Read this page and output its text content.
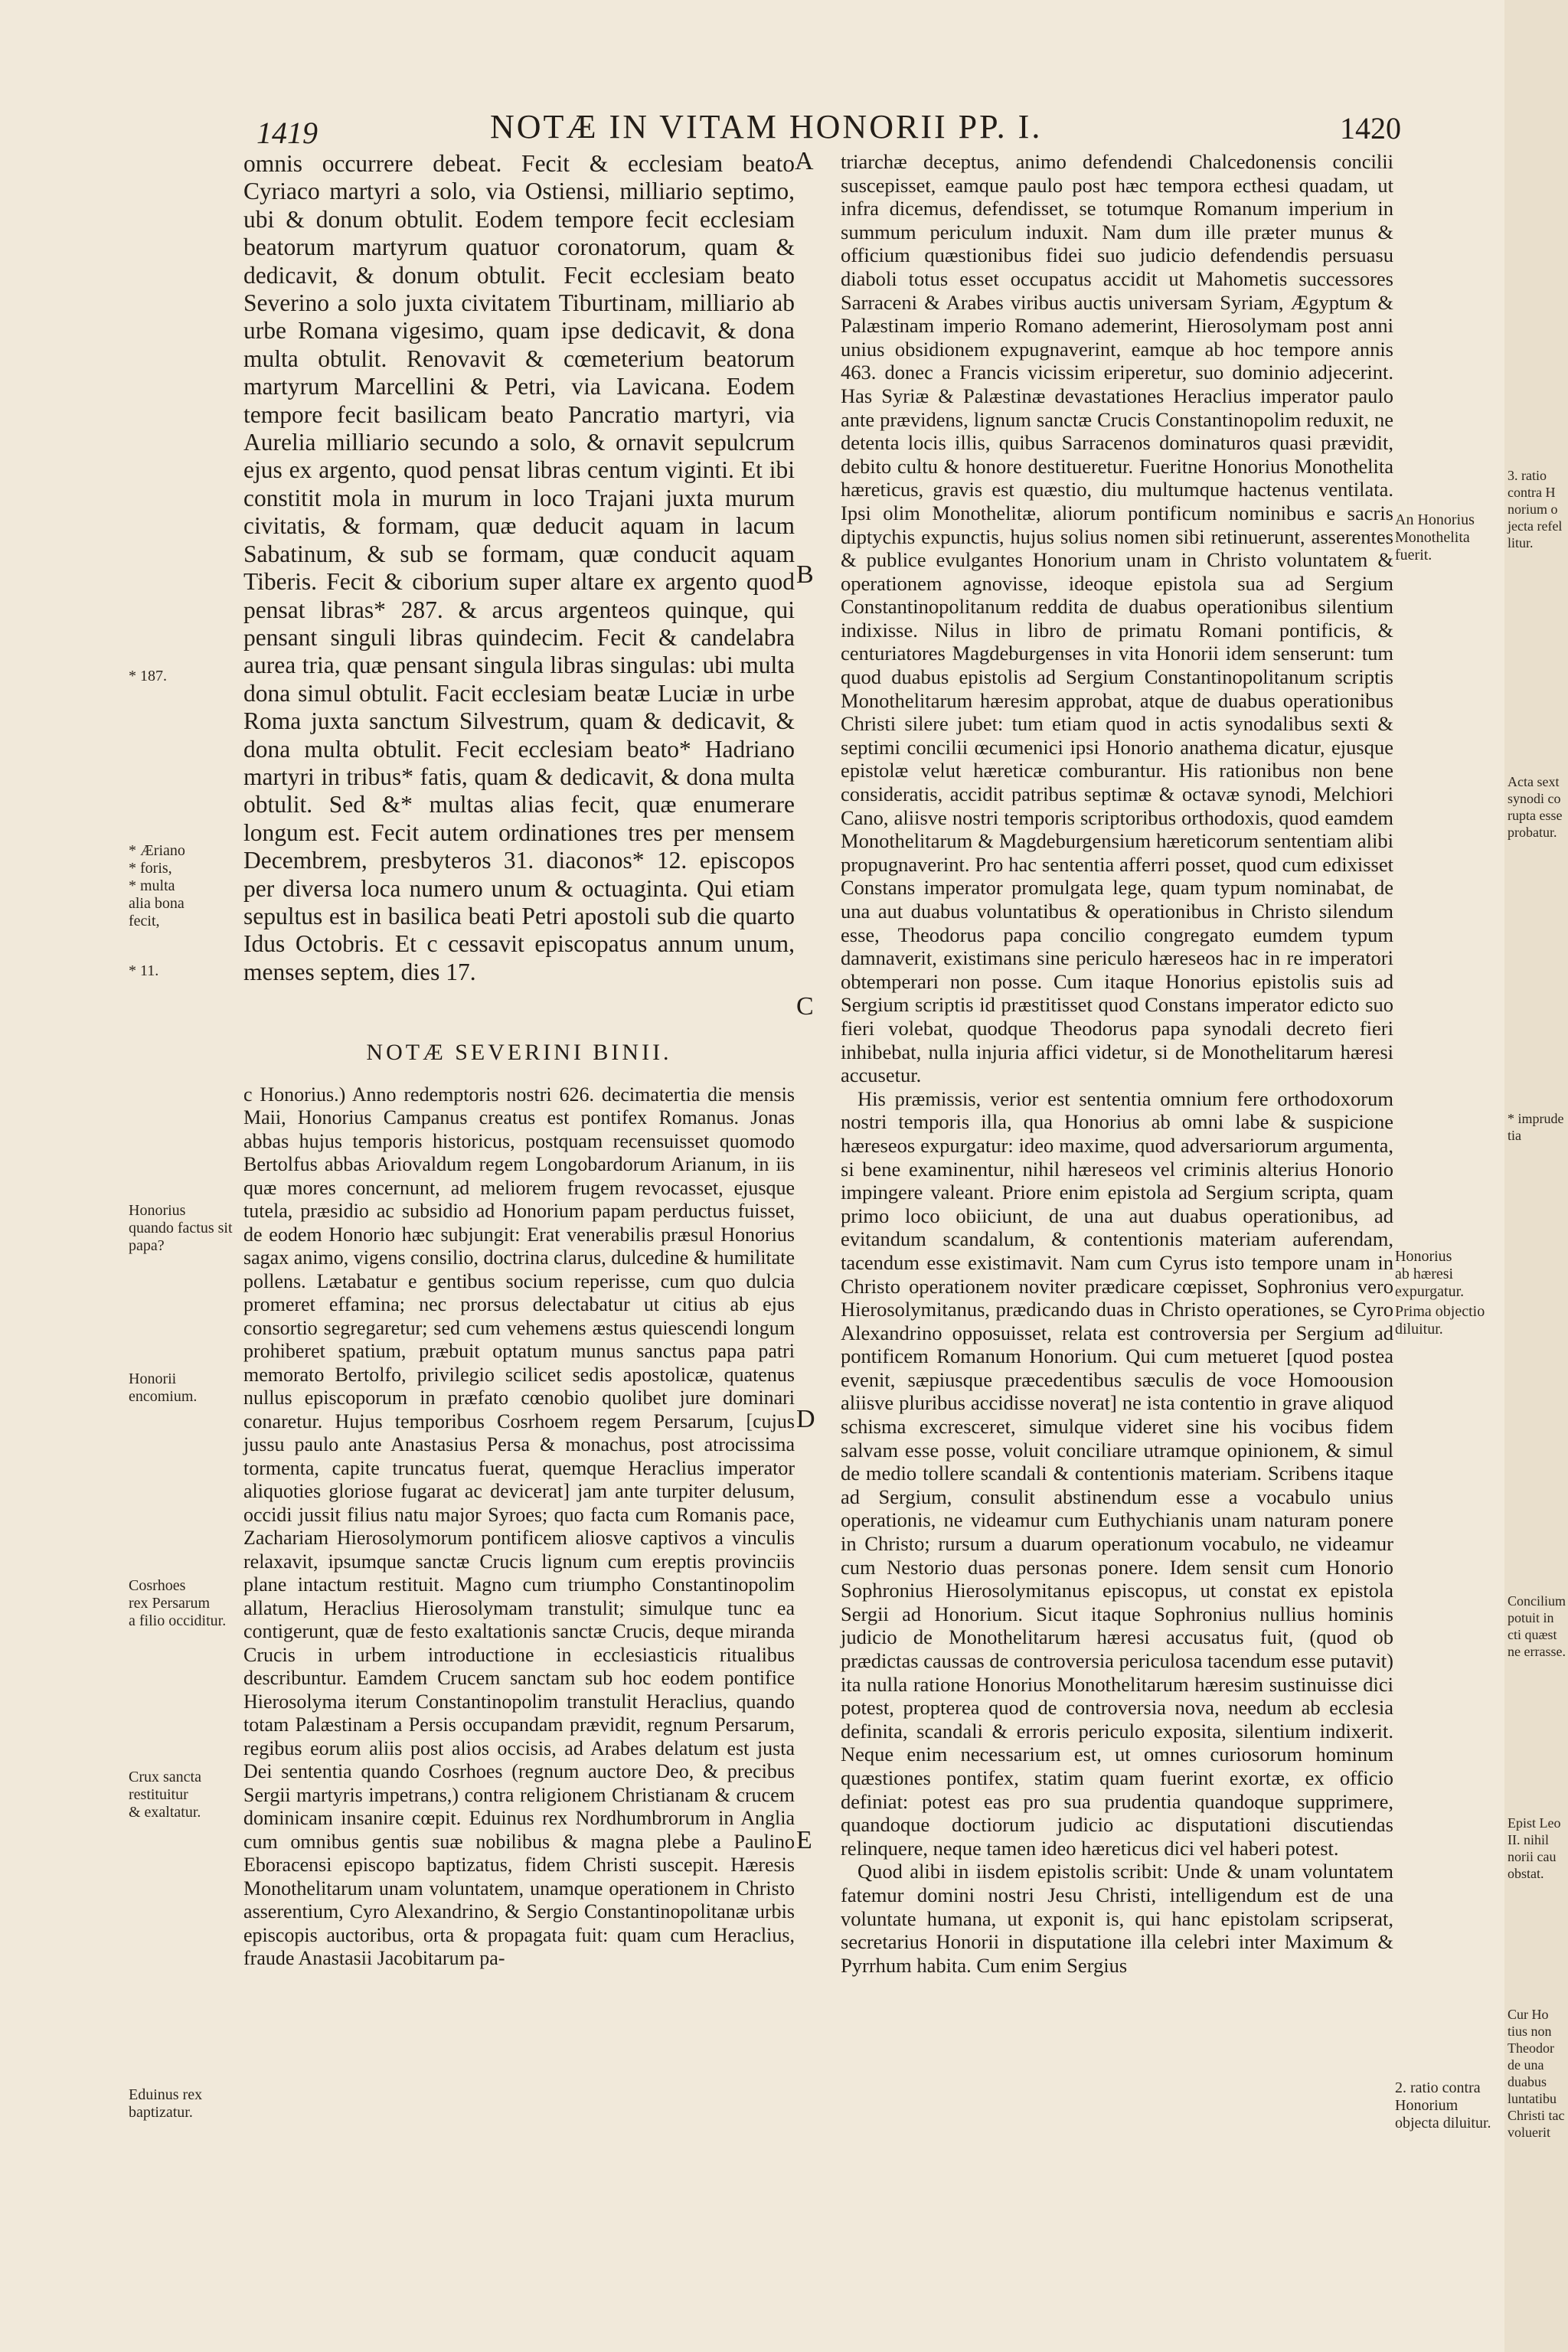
1419	NOTÆ IN VITAM HONORII PP. I.	1420
A
B
C
D
E

omnis occurrere debeat. Fecit & ecclesiam beato Cyriaco martyri a solo, via Ostiensi, milliario septimo, ubi & donum obtulit. Eodem tempore fecit ecclesiam beatorum martyrum quatuor coronatorum, quam & dedicavit, & donum obtulit. Fecit ecclesiam beato Severino a solo juxta civitatem Tiburtinam, milliario ab urbe Romana vigesimo, quam ipse dedicavit, & dona multa obtulit. Renovavit & cœmeterium beatorum martyrum Marcellini & Petri, via Lavicana. Eodem tempore fecit basilicam beato Pancratio martyri, via Aurelia milliario secundo a solo, & ornavit sepulcrum ejus ex argento, quod pensat libras centum viginti. Et ibi constitit mola in murum in loco Trajani juxta murum civitatis, & formam, quæ deducit aquam in lacum Sabatinum, & sub se formam, quæ conducit aquam Tiberis. Fecit & ciborium super altare ex argento quod pensat libras* 287. & arcus argenteos quinque, qui pensant singuli libras quindecim. Fecit & candelabra aurea tria, quæ pensant singula libras singulas: ubi multa dona simul obtulit. Facit ecclesiam beatæ Luciæ in urbe Roma juxta sanctum Silvestrum, quam & dedicavit, & dona multa obtulit. Fecit ecclesiam beato* Hadriano martyri in tribus* fatis, quam & dedicavit, & dona multa obtulit. Sed &* multas alias fecit, quæ enumerare longum est. Fecit autem ordinationes tres per mensem Decembrem, presbyteros 31. diaconos* 12. episcopos per diversa loca numero unum & octuaginta. Qui etiam sepultus est in basilica beati Petri apostoli sub die quarto Idus Octobris. Et c cessavit episcopatus annum unum, menses septem, dies 17.

NOTÆ SEVERINI BINII.

c Honorius.) Anno redemptoris nostri 626. decimatertia die mensis Maii, Honorius Campanus creatus est pontifex Romanus. Jonas abbas hujus temporis historicus, postquam recensuisset quomodo Bertolfus abbas Ariovaldum regem Longobardorum Arianum, in iis quæ mores concernunt, ad meliorem frugem revocasset, ejusque tutela, præsidio ac subsidio ad Honorium papam perductus fuisset, de eodem Honorio hæc subjungit: Erat venerabilis præsul Honorius sagax animo, vigens consilio, doctrina clarus, dulcedine & humilitate pollens. Lætabatur e gentibus socium reperisse, cum quo dulcia promeret effamina; nec prorsus delectabatur ut citius ab ejus consortio segregaretur; sed cum vehemens æstus quiescendi longum prohiberet spatium, præbuit optatum munus sanctus papa patri memorato Bertolfo, privilegio scilicet sedis apostolicæ, quatenus nullus episcoporum in præfato cœnobio quolibet jure dominari conaretur. Hujus temporibus Cosrhoem regem Persarum, [cujus jussu paulo ante Anastasius Persa & monachus, post atrocissima tormenta, capite truncatus fuerat, quemque Heraclius imperator aliquoties gloriose fugarat ac devicerat] jam ante turpiter delusum, occidi jussit filius natu major Syroes; quo facta cum Romanis pace, Zachariam Hierosolymorum pontificem aliosve captivos a vinculis relaxavit, ipsumque sanctæ Crucis lignum cum ereptis provinciis plane intactum restituit. Magno cum triumpho Constantinopolim allatum, Heraclius Hierosolymam transtulit; simulque tunc ea contigerunt, quæ de festo exaltationis sanctæ Crucis, deque miranda Crucis in urbem introductione in ecclesiasticis ritualibus describuntur. Eamdem Crucem sanctam sub hoc eodem pontifice Hierosolyma iterum Constantinopolim transtulit Heraclius, quando totam Palæstinam a Persis occupandam prævidit, regnum Persarum, regibus eorum aliis post alios occisis, ad Arabes delatum est justa Dei sententia quando Cosrhoes (regnum auctore Deo, & precibus Sergii martyris impetrans,) contra religionem Christianam & crucem dominicam insanire cœpit. Eduinus rex Nordhumbrorum in Anglia cum omnibus gentis suæ nobilibus & magna plebe a Paulino Eboracensi episcopo baptizatus, fidem Christi suscepit. Hæresis Monothelitarum unam voluntatem, unamque operationem in Christo asserentium, Cyro Alexandrino, & Sergio Constantinopolitanæ urbis episcopis auctoribus, orta & propagata fuit: quam cum Heraclius, fraude Anastasii Jacobitarum pa-

triarchæ deceptus, animo defendendi Chalcedonensis concilii suscepisset, eamque paulo post hæc tempora ecthesi quadam, ut infra dicemus, defendisset, se totumque Romanum imperium in summum periculum induxit. Nam dum ille præter munus & officium quæstionibus fidei suo judicio defendendis persuasu diaboli totus esset occupatus accidit ut Mahometis successores Sarraceni & Arabes viribus auctis universam Syriam, Ægyptum & Palæstinam imperio Romano ademerint, Hierosolymam post anni unius obsidionem expugnaverint, eamque ab hoc tempore annis 463. donec a Francis vicissim eriperetur, suo dominio adjecerint. Has Syriæ & Palæstinæ devastationes Heraclius imperator paulo ante prævidens, lignum sanctæ Crucis Constantinopolim reduxit, ne detenta locis illis, quibus Sarracenos dominaturos quasi prævidit, debito cultu & honore destitueretur. Fueritne Honorius Monothelita hæreticus, gravis est quæstio, diu multumque hactenus ventilata. Ipsi olim Monothelitæ, aliorum pontificum nominibus e sacris diptychis expunctis, hujus solius nomen sibi retinuerunt, asserentes & publice evulgantes Honorium unam in Christo voluntatem & operationem agnovisse, ideoque epistola sua ad Sergium Constantinopolitanum reddita de duabus operationibus silentium indixisse. Nilus in libro de primatu Romani pontificis, & centuriatores Magdeburgenses in vita Honorii idem senserunt: tum quod duabus epistolis ad Sergium Constantinopolitanum scriptis Monothelitarum hæresim approbat, atque de duabus operationibus Christi silere jubet: tum etiam quod in actis synodalibus sexti & septimi concilii œcumenici ipsi Honorio anathema dicatur, ejusque epistolæ velut hæreticæ comburantur. His rationibus non bene consideratis, accidit patribus septimæ & octavæ synodi, Melchiori Cano, aliisve nostri temporis scriptoribus orthodoxis, quod eamdem Monothelitarum & Magdeburgensium hæreticorum sententiam alibi propugnaverint. Pro hac sententia afferri posset, quod cum edixisset Constans imperator promulgata lege, quam typum nominabat, de una aut duabus voluntatibus & operationibus in Christo silendum esse, Theodorus papa concilio congregato eumdem typum damnaverit, existimans sine periculo hæreseos hac in re imperatori obtemperari non posse. Cum itaque Honorius epistolis suis ad Sergium scriptis id præstitisset quod Constans imperator edicto suo fieri volebat, quodque Theodorus papa synodali decreto fieri inhibebat, nulla injuria affici videtur, si de Monothelitarum hæresi accusetur.

His præmissis, verior est sententia omnium fere orthodoxorum nostri temporis illa, qua Honorius ab omni labe & suspicione hæreseos expurgatur: ideo maxime, quod adversariorum argumenta, si bene examinentur, nihil hæreseos vel criminis alterius Honorio impingere valeant. Priore enim epistola ad Sergium scripta, quam primo loco obiiciunt, de una aut duabus operationibus, ad evitandum scandalum, & contentionis materiam auferendam, tacendum esse existimavit. Nam cum Cyrus isto tempore unam in Christo operationem noviter prædicare cœpisset, Sophronius vero Hierosolymitanus, prædicando duas in Christo operationes, se Cyro Alexandrino opposuisset, relata est controversia per Sergium ad pontificem Romanum Honorium. Qui cum metueret [quod postea evenit, sæpiusque præcedentibus sæculis de voce Homoousion aliisve pluribus accidisse noverat] ne ista contentio in grave aliquod schisma excresceret, simulque videret sine his vocibus fidem salvam esse posse, voluit conciliare utramque opinionem, & simul de medio tollere scandali & contentionis materiam. Scribens itaque ad Sergium, consulit abstinendum esse a vocabulo unius operationis, ne videamur cum Euthychianis unam naturam ponere in Christo; rursum a duarum operationum vocabulo, ne videamur cum Nestorio duas personas ponere. Idem sensit cum Honorio Sophronius Hierosolymitanus episcopus, ut constat ex epistola Sergii ad Honorium. Sicut itaque Sophronius nullius hominis judicio de Monothelitarum hæresi accusatus fuit, (quod ob prædictas caussas de controversia periculosa tacendum esse putavit) ita nulla ratione Honorius Monothelitarum hæresim sustinuisse dici potest, propterea quod de controversia nova, needum ab ecclesia definita, scandali & erroris periculo exposita, silentium indixerit. Neque enim necessarium est, ut omnes curiosorum hominum quæstiones pontifex, statim quam fuerint exortæ, ex officio definiat: potest eas pro sua prudentia quandoque supprimere, quandoque doctiorum judicio ac disputationi discutiendas relinquere, neque tamen ideo hæreticus dici vel haberi potest.

Quod alibi in iisdem epistolis scribit: Unde & unam voluntatem fatemur domini nostri Jesu Christi, intelligendum est de una voluntate humana, ut exponit is, qui hanc epistolam scripserat, secretarius Honorii in disputatione illa celebri inter Maximum & Pyrrhum habita. Cum enim Sergius

* 187.
* Æriano
* foris,
* multa
alia bona
fecit,
* 11.
Honorius
quando factus sit papa?
Honorii encomium.
Cosrhoes
rex Persarum
a filio occiditur.
Crux sancta
restituitur
& exaltatur.
Eduinus rex
baptizatur.
An Honorius Monothelita fuerit.
Honorius
ab hæresi
expurgatur.
Prima objectio diluitur.
2. ratio contra Honorium objecta diluitur.
3. ratio
contra H
norium o
jecta refel
litur.
Acta sext
synodi co
rupta esse
probatur.
* imprude
tia
Concilium
potuit in
cti quæst
ne errasse.
Epist Leo
II. nihil
norii cau
obstat.
Cur Ho
tius non
Theodor
de una
duabus
luntatibu
Christi tac
voluerit
